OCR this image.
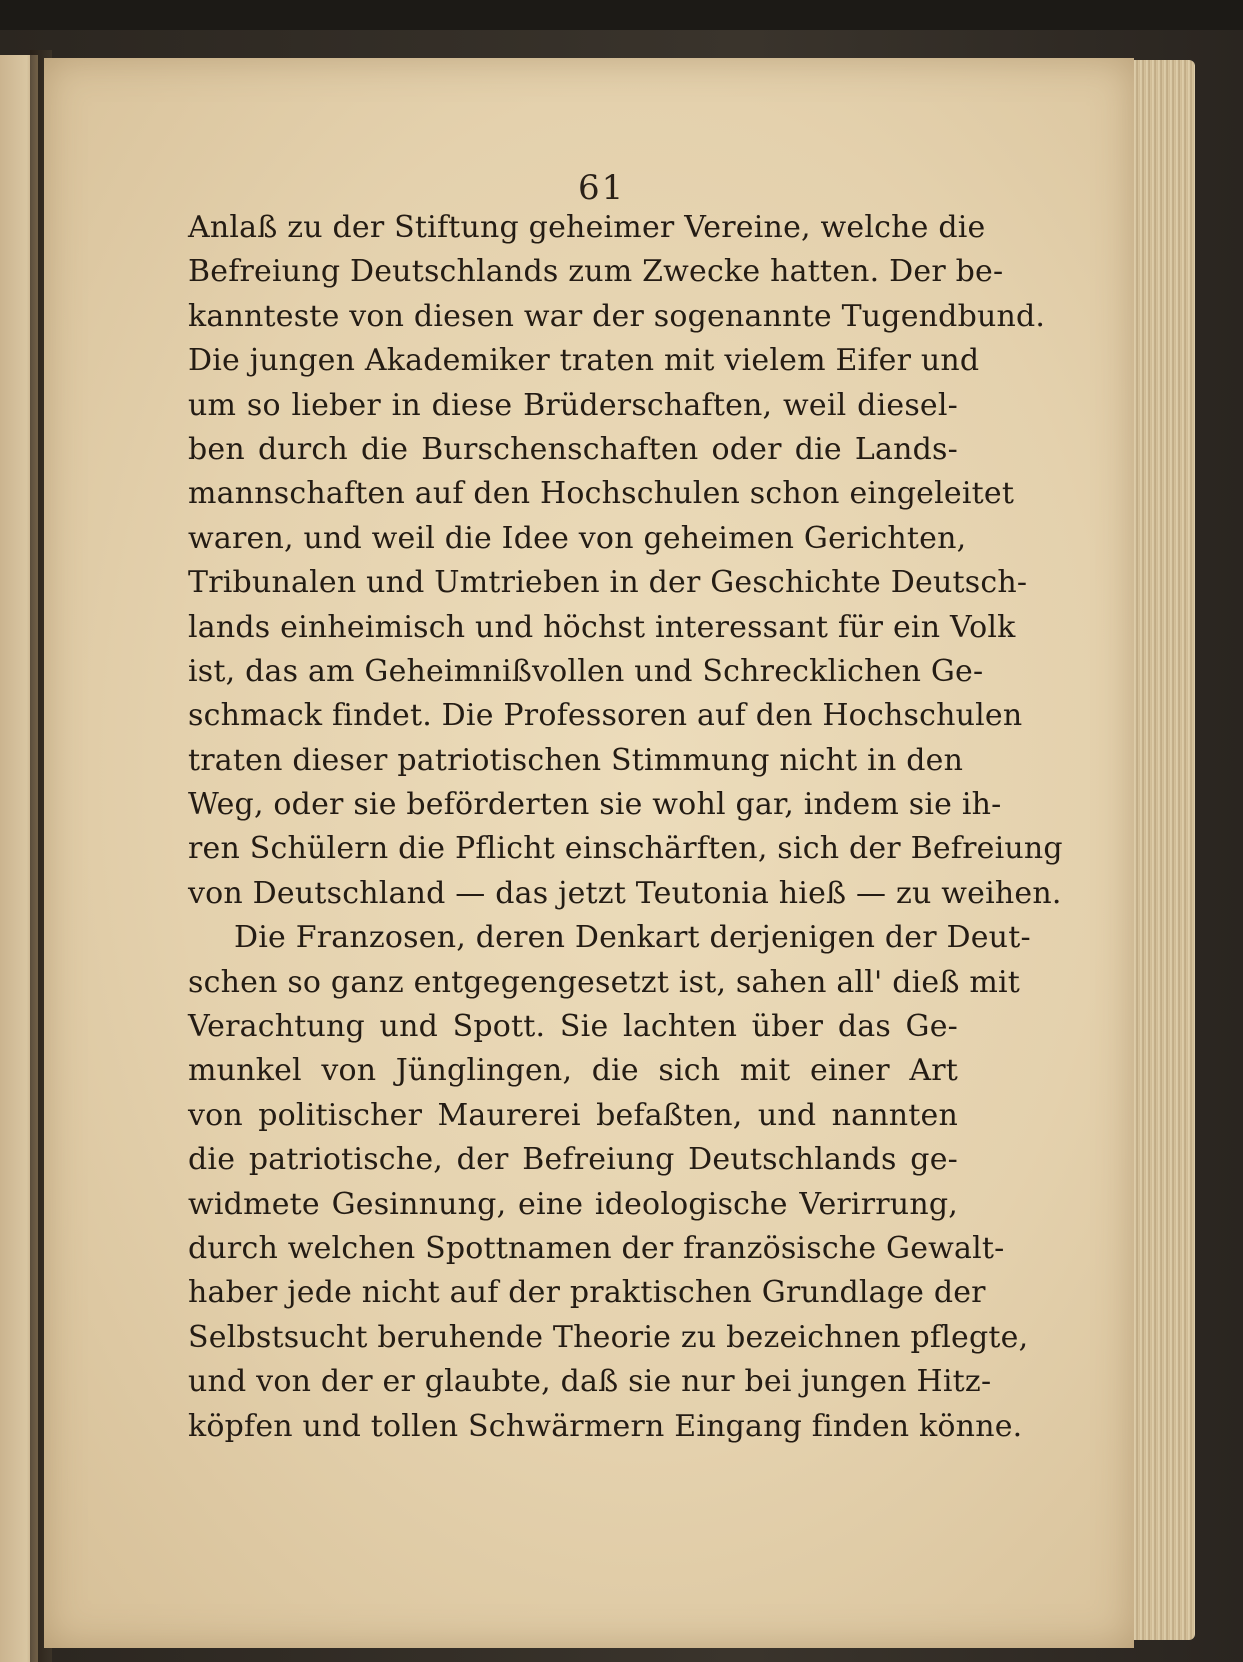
61
Anlaß zu der Stiftung geheimer Vereine, welche die
Befreiung Deutschlands zum Zwecke hatten. Der be-
kannteste von diesen war der sogenannte Tugendbund.
Die jungen Akademiker traten mit vielem Eifer und
um so lieber in diese Brüderschaften, weil diesel-
ben durch die Burschenschaften oder die Lands-
mannschaften auf den Hochschulen schon eingeleitet
waren, und weil die Idee von geheimen Gerichten,
Tribunalen und Umtrieben in der Geschichte Deutsch-
lands einheimisch und höchst interessant für ein Volk
ist, das am Geheimnißvollen und Schrecklichen Ge-
schmack findet. Die Professoren auf den Hochschulen
traten dieser patriotischen Stimmung nicht in den
Weg, oder sie beförderten sie wohl gar, indem sie ih-
ren Schülern die Pflicht einschärften, sich der Befreiung
von Deutschland — das jetzt Teutonia hieß — zu weihen.
Die Franzosen, deren Denkart derjenigen der Deut-
schen so ganz entgegengesetzt ist, sahen all' dieß mit
Verachtung und Spott. Sie lachten über das Ge-
munkel von Jünglingen, die sich mit einer Art
von politischer Maurerei befaßten, und nannten
die patriotische, der Befreiung Deutschlands ge-
widmete Gesinnung, eine ideologische Verirrung,
durch welchen Spottnamen der französische Gewalt-
haber jede nicht auf der praktischen Grundlage der
Selbstsucht beruhende Theorie zu bezeichnen pflegte,
und von der er glaubte, daß sie nur bei jungen Hitz-
köpfen und tollen Schwärmern Eingang finden könne.
